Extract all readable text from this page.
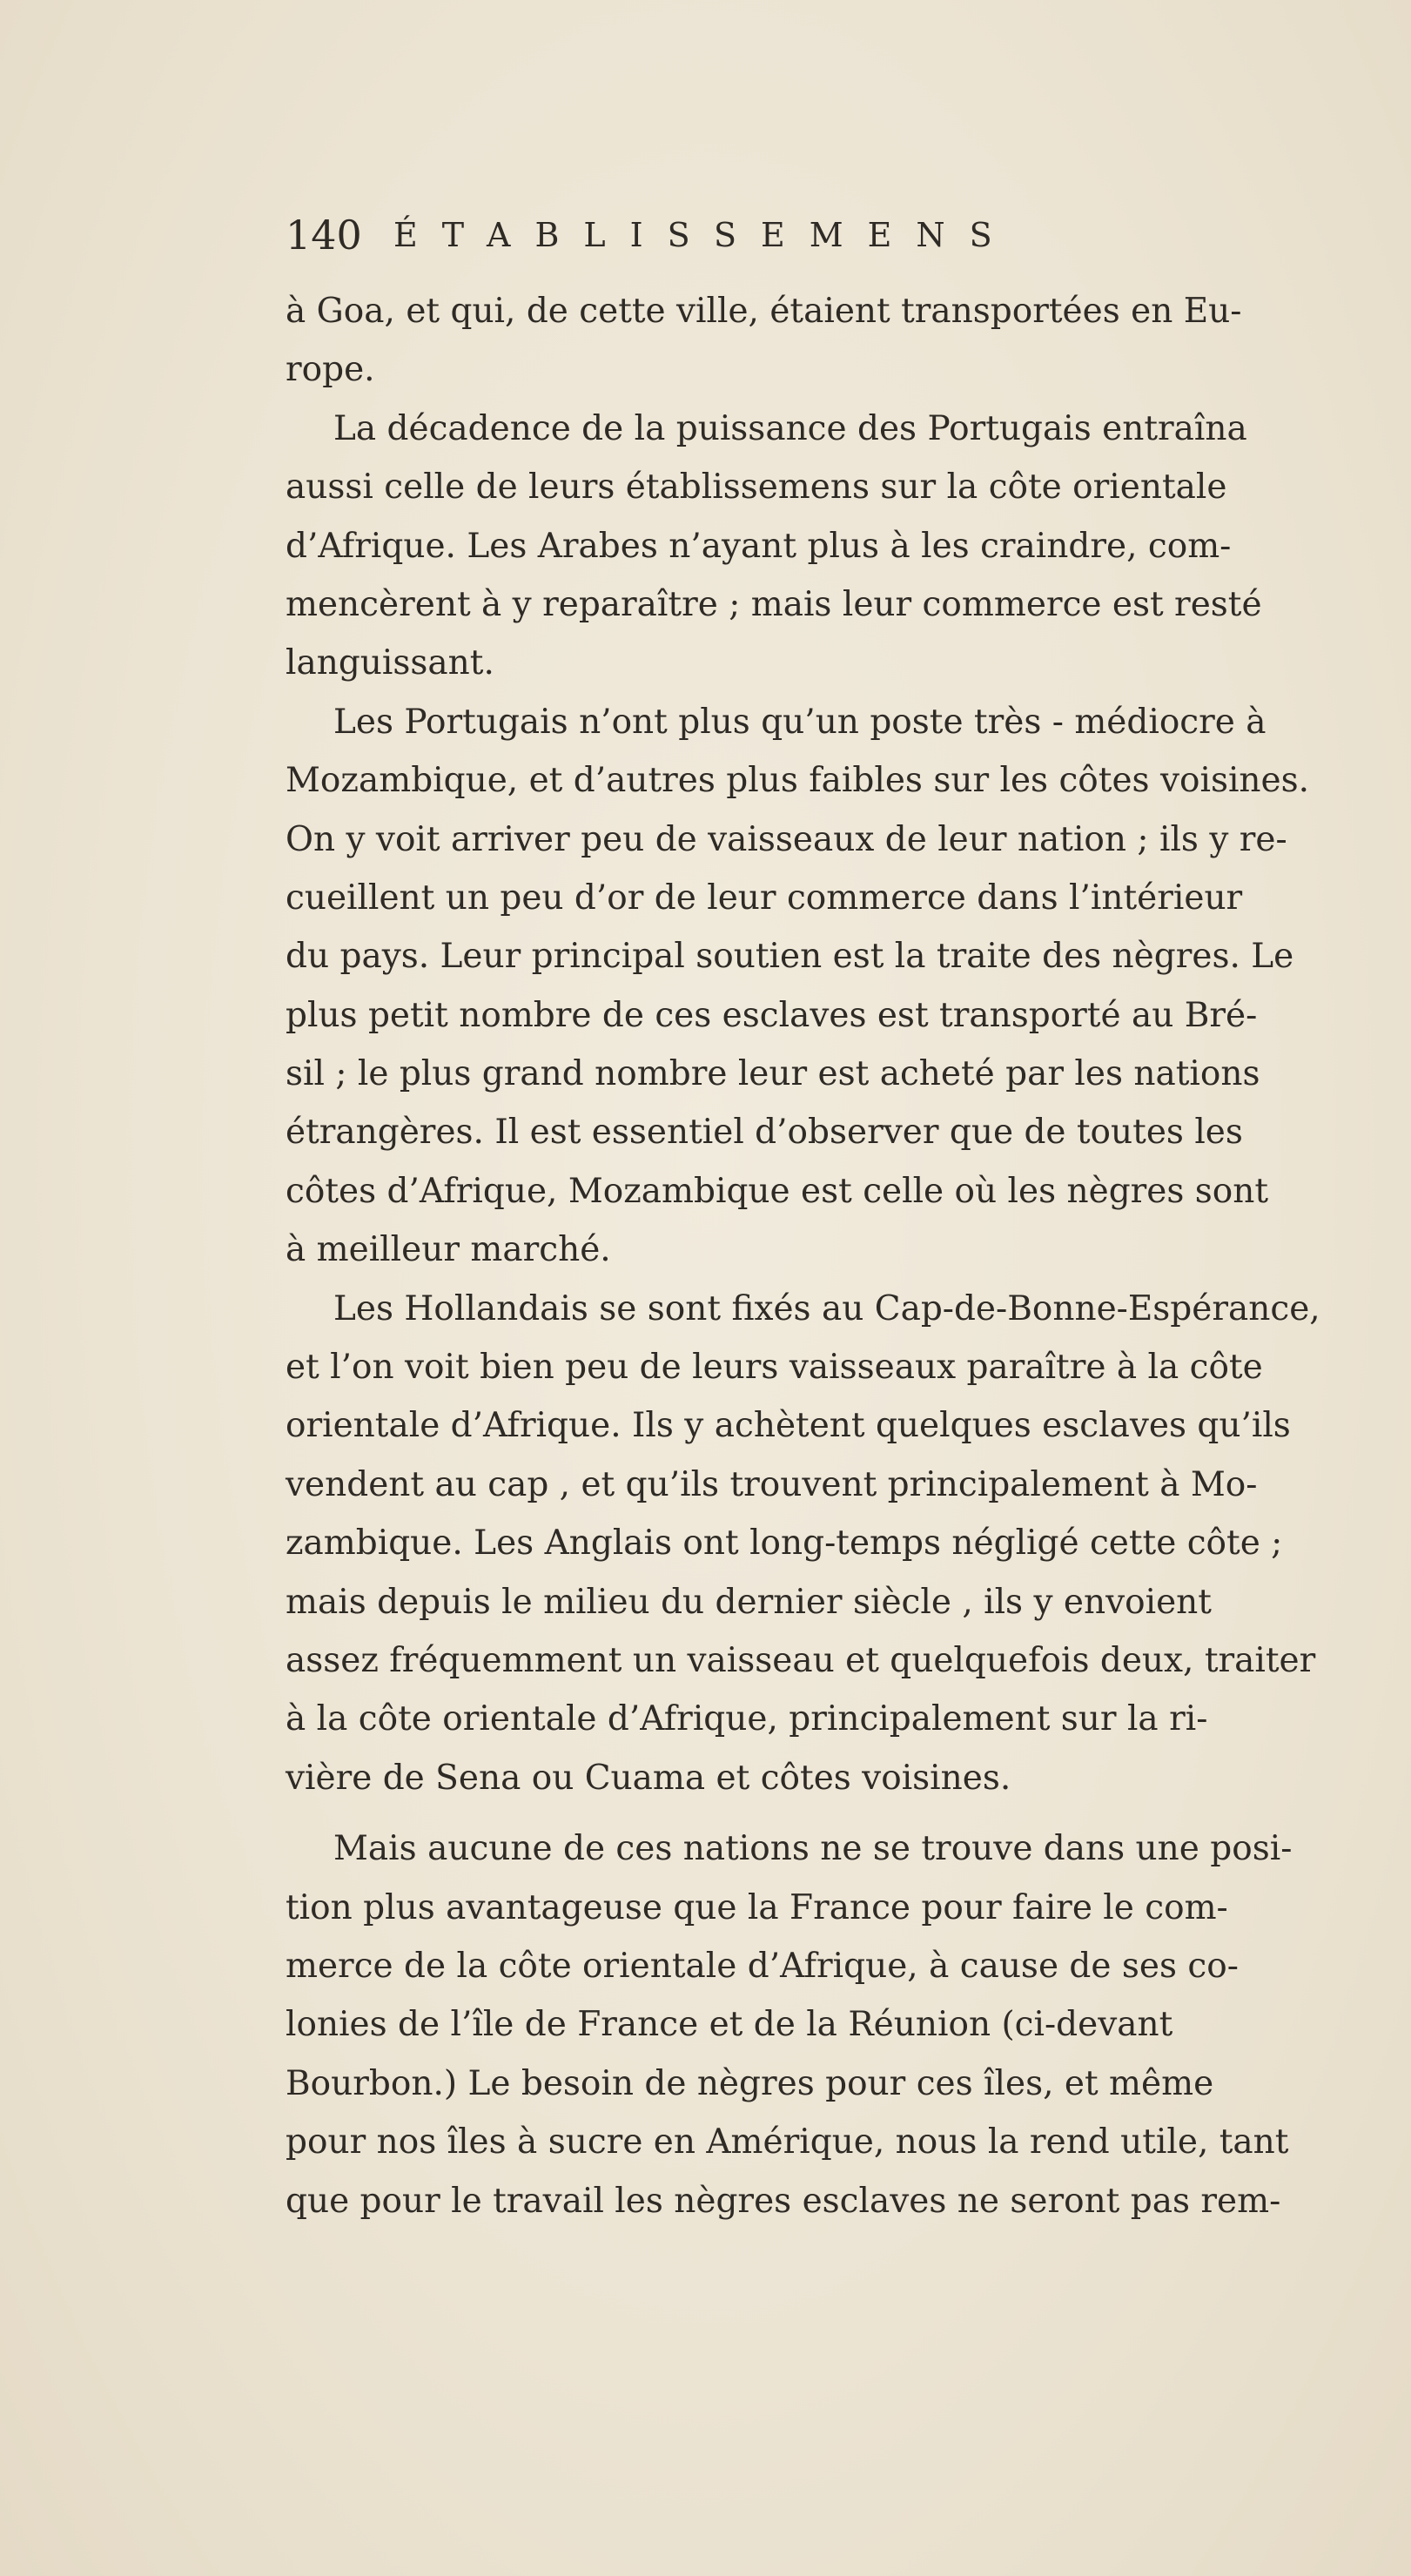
140 ÉTABLISSEMENS
à Goa, et qui, de cette ville, étaient transportées en Eu-
rope.
La décadence de la puissance des Portugais entraîna
aussi celle de leurs établissemens sur la côte orientale
d’Afrique. Les Arabes n’ayant plus à les craindre, com-
mencèrent à y reparaître ; mais leur commerce est resté
languissant.
Les Portugais n’ont plus qu’un poste très - médiocre à
Mozambique, et d’autres plus faibles sur les côtes voisines.
On y voit arriver peu de vaisseaux de leur nation ; ils y re-
cueillent un peu d’or de leur commerce dans l’intérieur
du pays. Leur principal soutien est la traite des nègres. Le
plus petit nombre de ces esclaves est transporté au Bré-
sil ; le plus grand nombre leur est acheté par les nations
étrangères. Il est essentiel d’observer que de toutes les
côtes d’Afrique, Mozambique est celle où les nègres sont
à meilleur marché.
Les Hollandais se sont fixés au Cap-de-Bonne-Espérance,
et l’on voit bien peu de leurs vaisseaux paraître à la côte
orientale d’Afrique. Ils y achètent quelques esclaves qu’ils
vendent au cap , et qu’ils trouvent principalement à Mo-
zambique. Les Anglais ont long-temps négligé cette côte ;
mais depuis le milieu du dernier siècle , ils y envoient
assez fréquemment un vaisseau et quelquefois deux, traiter
à la côte orientale d’Afrique, principalement sur la ri-
vière de Sena ou Cuama et côtes voisines.
Mais aucune de ces nations ne se trouve dans une posi-
tion plus avantageuse que la France pour faire le com-
merce de la côte orientale d’Afrique, à cause de ses co-
lonies de l’île de France et de la Réunion (ci-devant
Bourbon.) Le besoin de nègres pour ces îles, et même
pour nos îles à sucre en Amérique, nous la rend utile, tant
que pour le travail les nègres esclaves ne seront pas rem-
